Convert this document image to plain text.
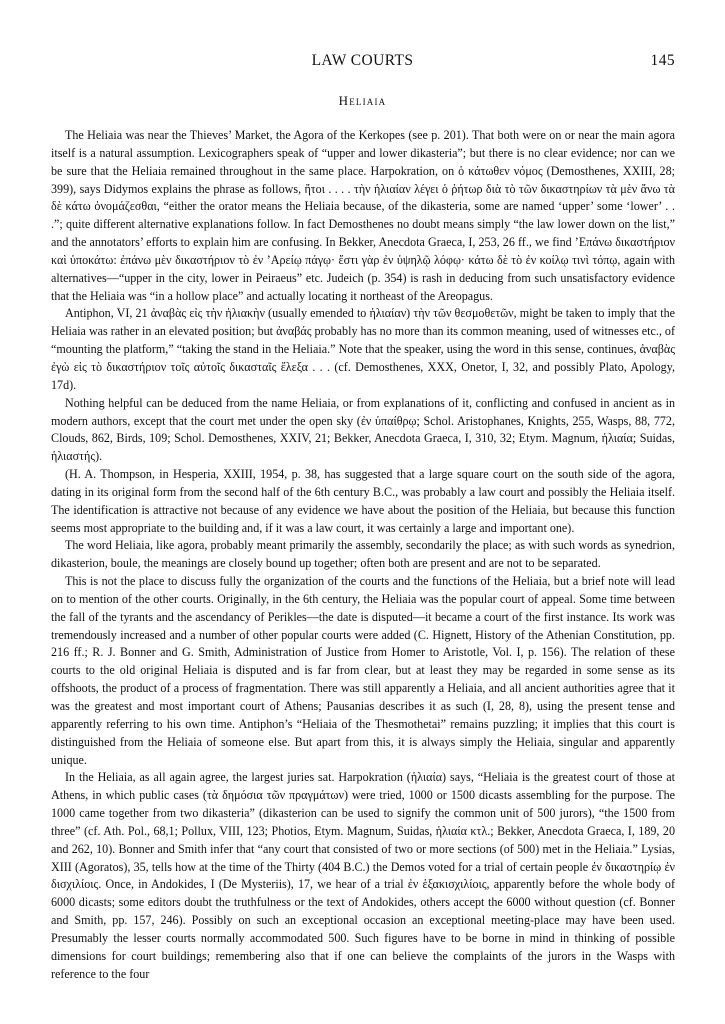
LAW COURTS	145
Heliaia

The Heliaia was near the Thieves’ Market, the Agora of the Kerkopes (see p. 201). That both were on or near the main agora itself is a natural assumption. Lexicographers speak of “upper and lower dikasteria”; but there is no clear evidence; nor can we be sure that the Heliaia remained throughout in the same place. Harpokration, on ὁ κάτωθεν νόμος (Demosthenes, XXIII, 28; 399), says Didymos explains the phrase as follows, ἤτοι . . . . τὴν ἡλιαίαν λέγει ὁ ῥήτωρ διὰ τὸ τῶν δικαστηρίων τὰ μὲν ἄνω τὰ δὲ κάτω ὀνομάζεσθαι, “either the orator means the Heliaia because, of the dikasteria, some are named ‘upper’ some ‘lower’ . . .”; quite different alternative explanations follow. In fact Demosthenes no doubt means simply “the law lower down on the list,” and the annotators’ efforts to explain him are confusing. In Bekker, Anecdota Graeca, I, 253, 26 ff., we find ’Επάνω δικαστήριον καὶ ὑποκάτω: ἐπάνω μὲν δικαστήριον τὸ ἐν ’Αρείῳ πάγῳ· ἔστι γὰρ ἐν ὑψηλῷ λόφῳ· κάτω δὲ τὸ ἐν κοίλῳ τινὶ τόπῳ, again with alternatives—“upper in the city, lower in Peiraeus” etc. Judeich (p. 354) is rash in deducing from such unsatisfactory evidence that the Heliaia was “in a hollow place” and actually locating it northeast of the Areopagus.

Antiphon, VI, 21 ἀναβὰς εἰς τὴν ἡλιακὴν (usually emended to ἡλιαίαν) τὴν τῶν θεσμοθετῶν, might be taken to imply that the Heliaia was rather in an elevated position; but ἀναβάς probably has no more than its common meaning, used of witnesses etc., of “mounting the platform,” “taking the stand in the Heliaia.” Note that the speaker, using the word in this sense, continues, ἀναβὰς ἐγὼ εἰς τὸ δικαστήριον τοῖς αὐτοῖς δικασταῖς ἔλεξα . . . (cf. Demosthenes, XXX, Onetor, I, 32, and possibly Plato, Apology, 17d).

Nothing helpful can be deduced from the name Heliaia, or from explanations of it, conflicting and confused in ancient as in modern authors, except that the court met under the open sky (ἐν ὑπαίθρῳ; Schol. Aristophanes, Knights, 255, Wasps, 88, 772, Clouds, 862, Birds, 109; Schol. Demosthenes, XXIV, 21; Bekker, Anecdota Graeca, I, 310, 32; Etym. Magnum, ἡλιαία; Suidas, ἡλιαστής).

(H. A. Thompson, in Hesperia, XXIII, 1954, p. 38, has suggested that a large square court on the south side of the agora, dating in its original form from the second half of the 6th century B.C., was probably a law court and possibly the Heliaia itself. The identification is attractive not because of any evidence we have about the position of the Heliaia, but because this function seems most appropriate to the building and, if it was a law court, it was certainly a large and important one).

The word Heliaia, like agora, probably meant primarily the assembly, secondarily the place; as with such words as synedrion, dikasterion, boule, the meanings are closely bound up together; often both are present and are not to be separated.

This is not the place to discuss fully the organization of the courts and the functions of the Heliaia, but a brief note will lead on to mention of the other courts. Originally, in the 6th century, the Heliaia was the popular court of appeal. Some time between the fall of the tyrants and the ascendancy of Perikles—the date is disputed—it became a court of the first instance. Its work was tremendously increased and a number of other popular courts were added (C. Hignett, History of the Athenian Constitution, pp. 216 ff.; R. J. Bonner and G. Smith, Administration of Justice from Homer to Aristotle, Vol. I, p. 156). The relation of these courts to the old original Heliaia is disputed and is far from clear, but at least they may be regarded in some sense as its offshoots, the product of a process of fragmentation. There was still apparently a Heliaia, and all ancient authorities agree that it was the greatest and most important court of Athens; Pausanias describes it as such (I, 28, 8), using the present tense and apparently referring to his own time. Antiphon’s “Heliaia of the Thesmothetai” remains puzzling; it implies that this court is distinguished from the Heliaia of someone else. But apart from this, it is always simply the Heliaia, singular and apparently unique.

In the Heliaia, as all again agree, the largest juries sat. Harpokration (ἡλιαία) says, “Heliaia is the greatest court of those at Athens, in which public cases (τὰ δημόσια τῶν πραγμάτων) were tried, 1000 or 1500 dicasts assembling for the purpose. The 1000 came together from two dikasteria” (dikasterion can be used to signify the common unit of 500 jurors), “the 1500 from three” (cf. Ath. Pol., 68,1; Pollux, VIII, 123; Photios, Etym. Magnum, Suidas, ἡλιαία κτλ.; Bekker, Anecdota Graeca, I, 189, 20 and 262, 10). Bonner and Smith infer that “any court that consisted of two or more sections (of 500) met in the Heliaia.” Lysias, XIII (Agoratos), 35, tells how at the time of the Thirty (404 B.C.) the Demos voted for a trial of certain people ἐν δικαστηρίῳ ἐν δισχιλίοις. Once, in Andokides, I (De Mysteriis), 17, we hear of a trial ἐν ἑξακισχιλίοις, apparently before the whole body of 6000 dicasts; some editors doubt the truthfulness or the text of Andokides, others accept the 6000 without question (cf. Bonner and Smith, pp. 157, 246). Possibly on such an exceptional occasion an exceptional meeting-place may have been used. Presumably the lesser courts normally accommodated 500. Such figures have to be borne in mind in thinking of possible dimensions for court buildings; remembering also that if one can believe the complaints of the jurors in the Wasps with reference to the four
